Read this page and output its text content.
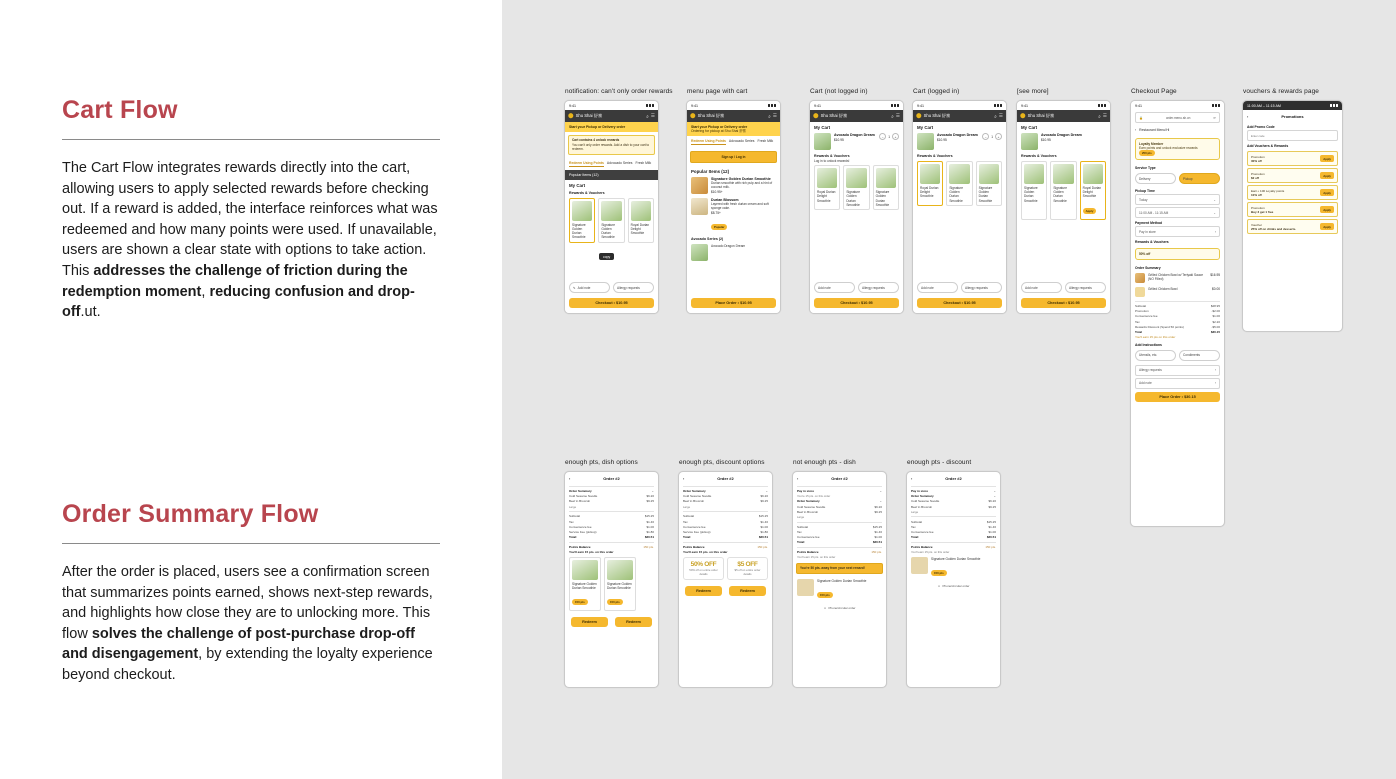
Cart Flow

The Cart Flow integrates rewards directly into the cart, allowing users to apply selected rewards before checking out. If a reward is added, the interface reinforces what was redeemed and how many points were used. If unavailable, users are shown a clear state with options to take action. This addresses the challenge of friction during the redemption moment, reducing confusion and drop-off.ut.

Order Summary Flow

After the order is placed, users see a confirmation screen that summarizes points earned, shows next-step rewards, and highlights how close they are to unlocking more. This flow solves the challenge of post-purchase drop-off and disengagement, by extending the loyalty experience beyond checkout.

notification: can't only order rewards
9:41
⬤ Shu Shai 舒寨	⌕ ☰
Start your Pickup or Delivery order
Cart contains 4 unlock rewards
You can't only order rewards. Add a dish to your cart to redeem.
Redeem Using Points Advocado Series Fresh Milk
Popular Items (12)
My Cart
Rewards & Vouchers
Signature Golden Durian Smoothie
Signature Golden Durian Smoothie
Royal Durian Delight Smoothie
copy
✎ Add note	Allergy requests
Checkout • $10.95
menu page with cart
9:41
⬤ Shu Shai 舒寨	⌕ ☰
Start your Pickup or Delivery order
Ordering for pickup at Shu Shai 舒寨
Redeem Using Points Advocado Series Fresh Milk
Sign up / Log in
Popular Items (12)
Signature Golden Durian Smoothie
Durian smoothie with rich pulp and a hint of coconut milk.
$10.95+
Durian Blossom
Layered with fresh durian cream and soft sponge cake.
$8.75+
Popular
Avocado Series (2)
Avocado Dragon Dream
Place Order • $10.95
Cart (not logged in)
9:41
⬤ Shu Shai 舒寨	⌕ ☰
My Cart
Avocado Dragon Dream
$10.95
−	1	+
Rewards & Vouchers
Log in to unlock rewards!
Royal Durian Delight Smoothie
Signature Golden Durian Smoothie
Signature Golden Durian Smoothie
Add note	Allergy requests
Checkout • $10.95
Cart (logged in)
9:41
⬤ Shu Shai 舒寨	⌕ ☰
My Cart
Avocado Dragon Dream
$10.95
−	1	+
Rewards & Vouchers
Royal Durian Delight Smoothie
Signature Golden Durian Smoothie
Signature Golden Durian Smoothie
Add note	Allergy requests
Checkout • $10.95
[see more]
9:41
⬤ Shu Shai 舒寨	⌕ ☰
My Cart
Avocado Dragon Dream
$10.95
Rewards & Vouchers
Signature Golden Durian Smoothie
Signature Golden Durian Smoothie
Royal Durian Delight Smoothie
Apply
Add note	Allergy requests
Checkout • $10.95
Checkout Page
9:41
🔒	order.menu.sh.cn	⟳
‹ Restaurant Menu/Hi
Loyalty Member
Earn points and unlock exclusive rewards
250 pts
Service Type
Delivery	Pickup
Pickup Time
Today	⌄
11:00 AM - 11:15 AM	⌄
Payment Method
Pay in store	›
Rewards & Vouchers
50% off
Order Summary
Grilled Chicken Bowl w/ Teriyaki Sauce (NO Filled)
$16.95
Grilled Chicken Bowl	$0.00
Subtotal	$28.95
Promotion	-$2.00
Convenience fee	$1.00
Tax	$2.20
Rewards Discount (Spend 50 points)	-$5.00
Total	$30.15
You'll earn 15 pts on this order
Add Instructions
Utensils, etc.	Condiments
Allergy requests	›
Add note	›
Place Order • $30.15
vouchers & rewards page
11:00 AM – 11:15 AM
‹	Promotions
Add Promo Code
Enter code
Add Vouchers & Rewards
Promotion
30% off	Apply
Promotion
$2 off	Apply
Earn • 100 Loyalty points
10% off	Apply
Promotion
Buy 3 get 1 free	Apply
Voucher
25% off on drinks and desserts.	Apply
enough pts, dish options
‹	Order #2
Order Summary	⌄
Cold Sesame Noodle	$6.20
Beef in Broccoli	$9.25
Large
Subtotal	$15.25
Tax	$1.46
Convenience fee	$1.00
Service Fee (pickup)	$1.80
Total:	$20.51
Points Balance	150 pts.
You'll earn 15 pts. on this order
Signature Golden Durian Smoothie
150 pts
Signature Golden Durian Smoothie
150 pts
Redeem	Redeem
enough pts, discount options
‹	Order #2
Order Summary	⌄
Cold Sesame Noodle	$6.20
Beef in Broccoli	$9.25
Large
Subtotal	$15.25
Tax	$1.46
Convenience fee	$1.00
Service Fee (pickup)	$1.80
Total:	$20.51
Points Balance	150 pts.
You'll earn 15 pts. on this order
50% OFF
50% off on entire order
details
$5 OFF
$5 off on entire order
details
Redeem	Redeem
not enough pts - dish
‹	Order #2
Pay in store	⌄
You're 15 pts. on this order
Order Summary	⌄
Cold Sesame Noodle	$6.20
Beef in Broccoli	$9.25
Large
Subtotal	$15.25
Tax	$1.46
Convenience fee	$1.00
Total:	$20.51
Points Balance	150 pts.
You'll earn 15 pts. on this order
You're 50 pts. away from your next reward!
Signature Golden Durian Smoothie
150 pts
☺ Phone/circular order
enough pts - discount
‹	Order #2
Pay in store	⌄
Order Summary	⌄
Cold Sesame Noodle	$6.20
Beef in Broccoli	$9.25
Large
Subtotal	$15.25
Tax	$1.46
Convenience fee	$1.00
Total:	$20.51
Points Balance	150 pts.
You'll earn 15 pts. on this order
Signature Golden Durian Smoothie
150 pts
☺ Phone/circular order
